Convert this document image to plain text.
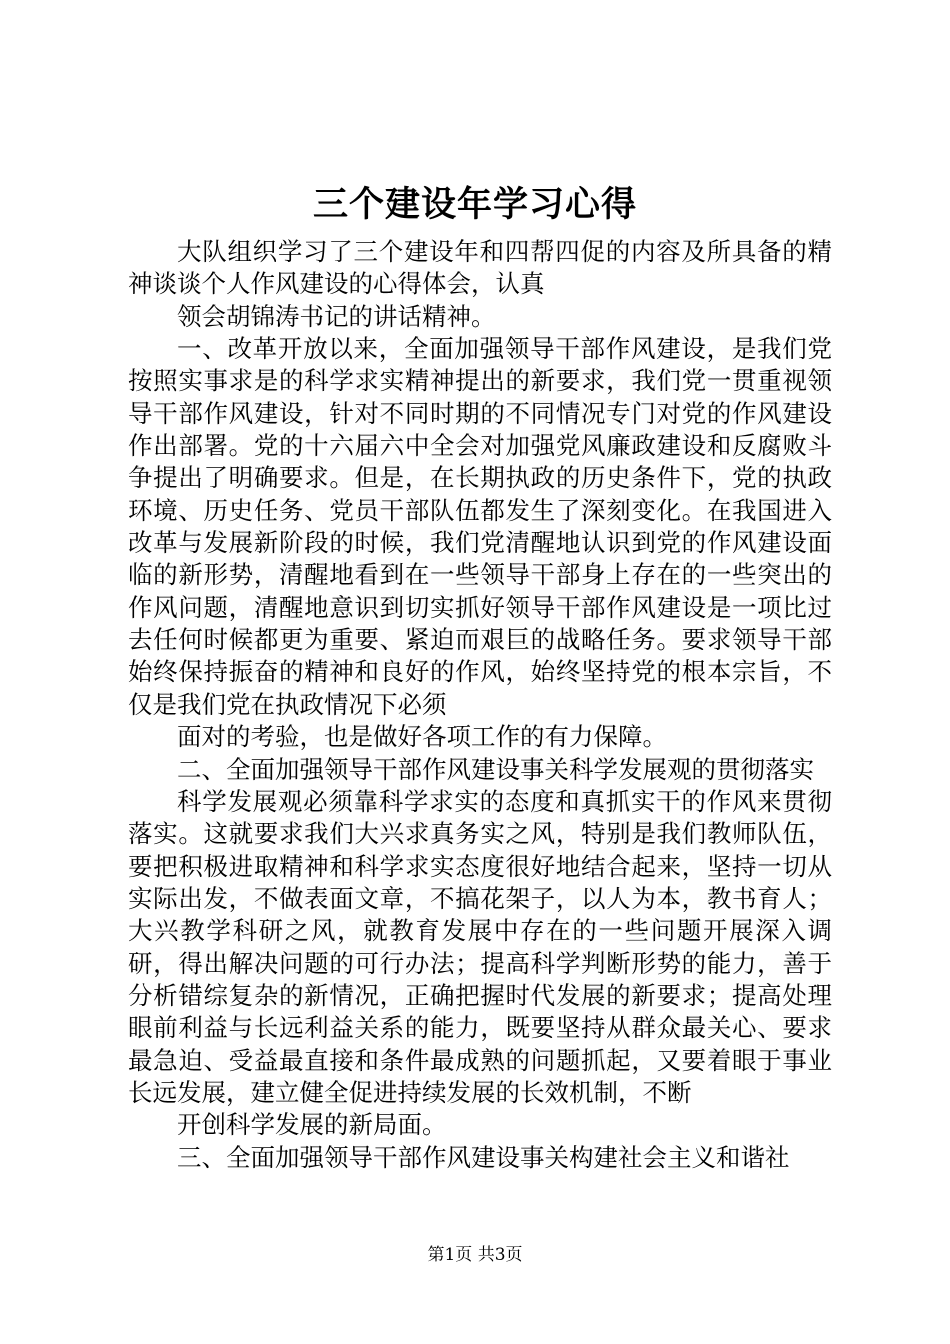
三个建设年学习心得

大队组织学习了三个建设年和四帮四促的内容及所具备的精神谈谈个人作风建设的心得体会，认真

领会胡锦涛书记的讲话精神。

一、改革开放以来，全面加强领导干部作风建设，是我们党按照实事求是的科学求实精神提出的新要求，我们党一贯重视领导干部作风建设，针对不同时期的不同情况专门对党的作风建设作出部署。党的十六届六中全会对加强党风廉政建设和反腐败斗争提出了明确要求。但是，在长期执政的历史条件下，党的执政环境、历史任务、党员干部队伍都发生了深刻变化。在我国进入改革与发展新阶段的时候，我们党清醒地认识到党的作风建设面临的新形势，清醒地看到在一些领导干部身上存在的一些突出的作风问题，清醒地意识到切实抓好领导干部作风建设是一项比过去任何时候都更为重要、紧迫而艰巨的战略任务。要求领导干部始终保持振奋的精神和良好的作风，始终坚持党的根本宗旨，不仅是我们党在执政情况下必须

面对的考验，也是做好各项工作的有力保障。

二、全面加强领导干部作风建设事关科学发展观的贯彻落实

科学发展观必须靠科学求实的态度和真抓实干的作风来贯彻落实。这就要求我们大兴求真务实之风，特别是我们教师队伍，要把积极进取精神和科学求实态度很好地结合起来，坚持一切从实际出发，不做表面文章，不搞花架子，以人为本，教书育人；大兴教学科研之风，就教育发展中存在的一些问题开展深入调研，得出解决问题的可行办法；提高科学判断形势的能力，善于分析错综复杂的新情况，正确把握时代发展的新要求；提高处理眼前利益与长远利益关系的能力，既要坚持从群众最关心、要求最急迫、受益最直接和条件最成熟的问题抓起，又要着眼于事业长远发展，建立健全促进持续发展的长效机制，不断

开创科学发展的新局面。

三、全面加强领导干部作风建设事关构建社会主义和谐社

第1页 共3页
